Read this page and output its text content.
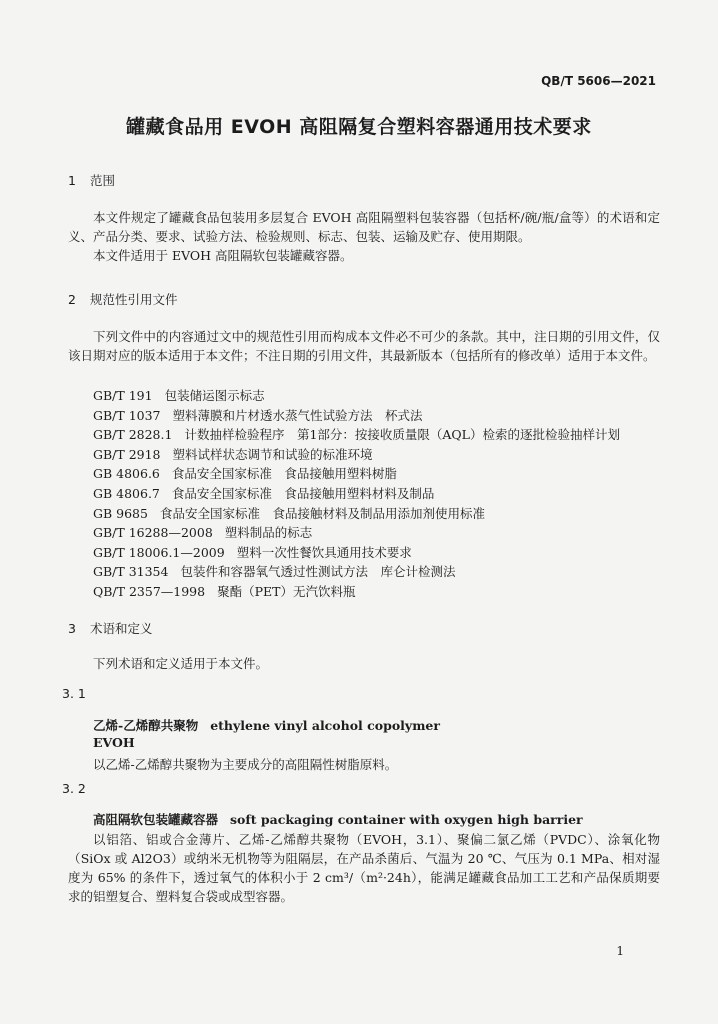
QB/T 5606—2021
罐藏食品用 EVOH 高阻隔复合塑料容器通用技术要求
1 范围
本文件规定了罐藏食品包装用多层复合 EVOH 高阻隔塑料包装容器（包括杯/碗/瓶/盒等）的术语和定义、产品分类、要求、试验方法、检验规则、标志、包装、运输及贮存、使用期限。
本文件适用于 EVOH 高阻隔软包装罐藏容器。
2 规范性引用文件
下列文件中的内容通过文中的规范性引用而构成本文件必不可少的条款。其中，注日期的引用文件，仅该日期对应的版本适用于本文件；不注日期的引用文件，其最新版本（包括所有的修改单）适用于本文件。
GB/T 191 包装储运图示标志
GB/T 1037 塑料薄膜和片材透水蒸气性试验方法　杯式法
GB/T 2828.1 计数抽样检验程序　第1部分：按接收质量限（AQL）检索的逐批检验抽样计划
GB/T 2918 塑料试样状态调节和试验的标准环境
GB 4806.6 食品安全国家标准　食品接触用塑料树脂
GB 4806.7 食品安全国家标准　食品接触用塑料材料及制品
GB 9685 食品安全国家标准　食品接触材料及制品用添加剂使用标准
GB/T 16288—2008 塑料制品的标志
GB/T 18006.1—2009 塑料一次性餐饮具通用技术要求
GB/T 31354 包装件和容器氧气透过性测试方法　库仑计检测法
QB/T 2357—1998 聚酯（PET）无汽饮料瓶
3 术语和定义
下列术语和定义适用于本文件。
3. 1
乙烯-乙烯醇共聚物 ethylene vinyl alcohol copolymer
EVOH
以乙烯-乙烯醇共聚物为主要成分的高阻隔性树脂原料。
3. 2
高阻隔软包装罐藏容器 soft packaging container with oxygen high barrier
以铝箔、铝或合金薄片、乙烯-乙烯醇共聚物（EVOH，3.1）、聚偏二氯乙烯（PVDC）、涂氧化物（SiOx 或 Al2O3）或纳米无机物等为阻隔层，在产品杀菌后、气温为 20 ℃、气压为 0.1 MPa、相对湿度为 65% 的条件下，透过氧气的体积小于 2 cm³/（m²·24h），能满足罐藏食品加工工艺和产品保质期要求的铝塑复合、塑料复合袋或成型容器。
1
